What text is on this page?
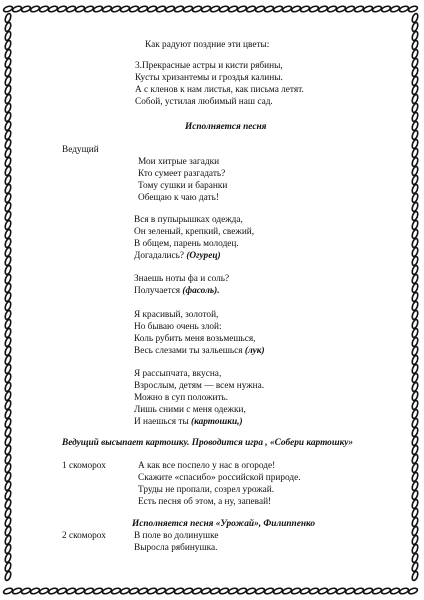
Как радуют поздние эти цветы:
3.Прекрасные астры и кисти рябины,
Кусты хризантемы и гроздья калины.
А с кленов к нам листья, как письма летят.
Собой, устилая любимый наш сад.
Исполняется песня
Ведущий
Мои хитрые загадки
Кто сумеет разгадать?
Тому сушки и баранки
Обещаю к чаю дать!
Вся в пупырышках одежда,
Он зеленый, крепкий, свежий,
В общем, парень молодец.
Догадались? (Огурец)
Знаешь ноты фа и соль?
Получается (фасоль).
Я красивый, золотой,
Но бываю очень злой:
Коль рубить меня возьмешься,
Весь слезами ты зальешься (лук)
Я рассыпчата, вкусна,
Взрослым, детям — всем нужна.
Можно в суп положить.
Лишь сними с меня одежки,
И наешься ты (картошки,)
Ведущий высыпает картошку. Проводится игра , «Собери картошку»
1 скоморох	А как все поспело у нас в огороде!
Скажите «спасибо» российской природе.
Труды не пропали, созрел урожай.
Есть песня об этом, а ну, запевай!
Исполняется песня «Урожай», Филиппенко
2 скоморох	В поле во долинушке
Выросла рябинушка.
